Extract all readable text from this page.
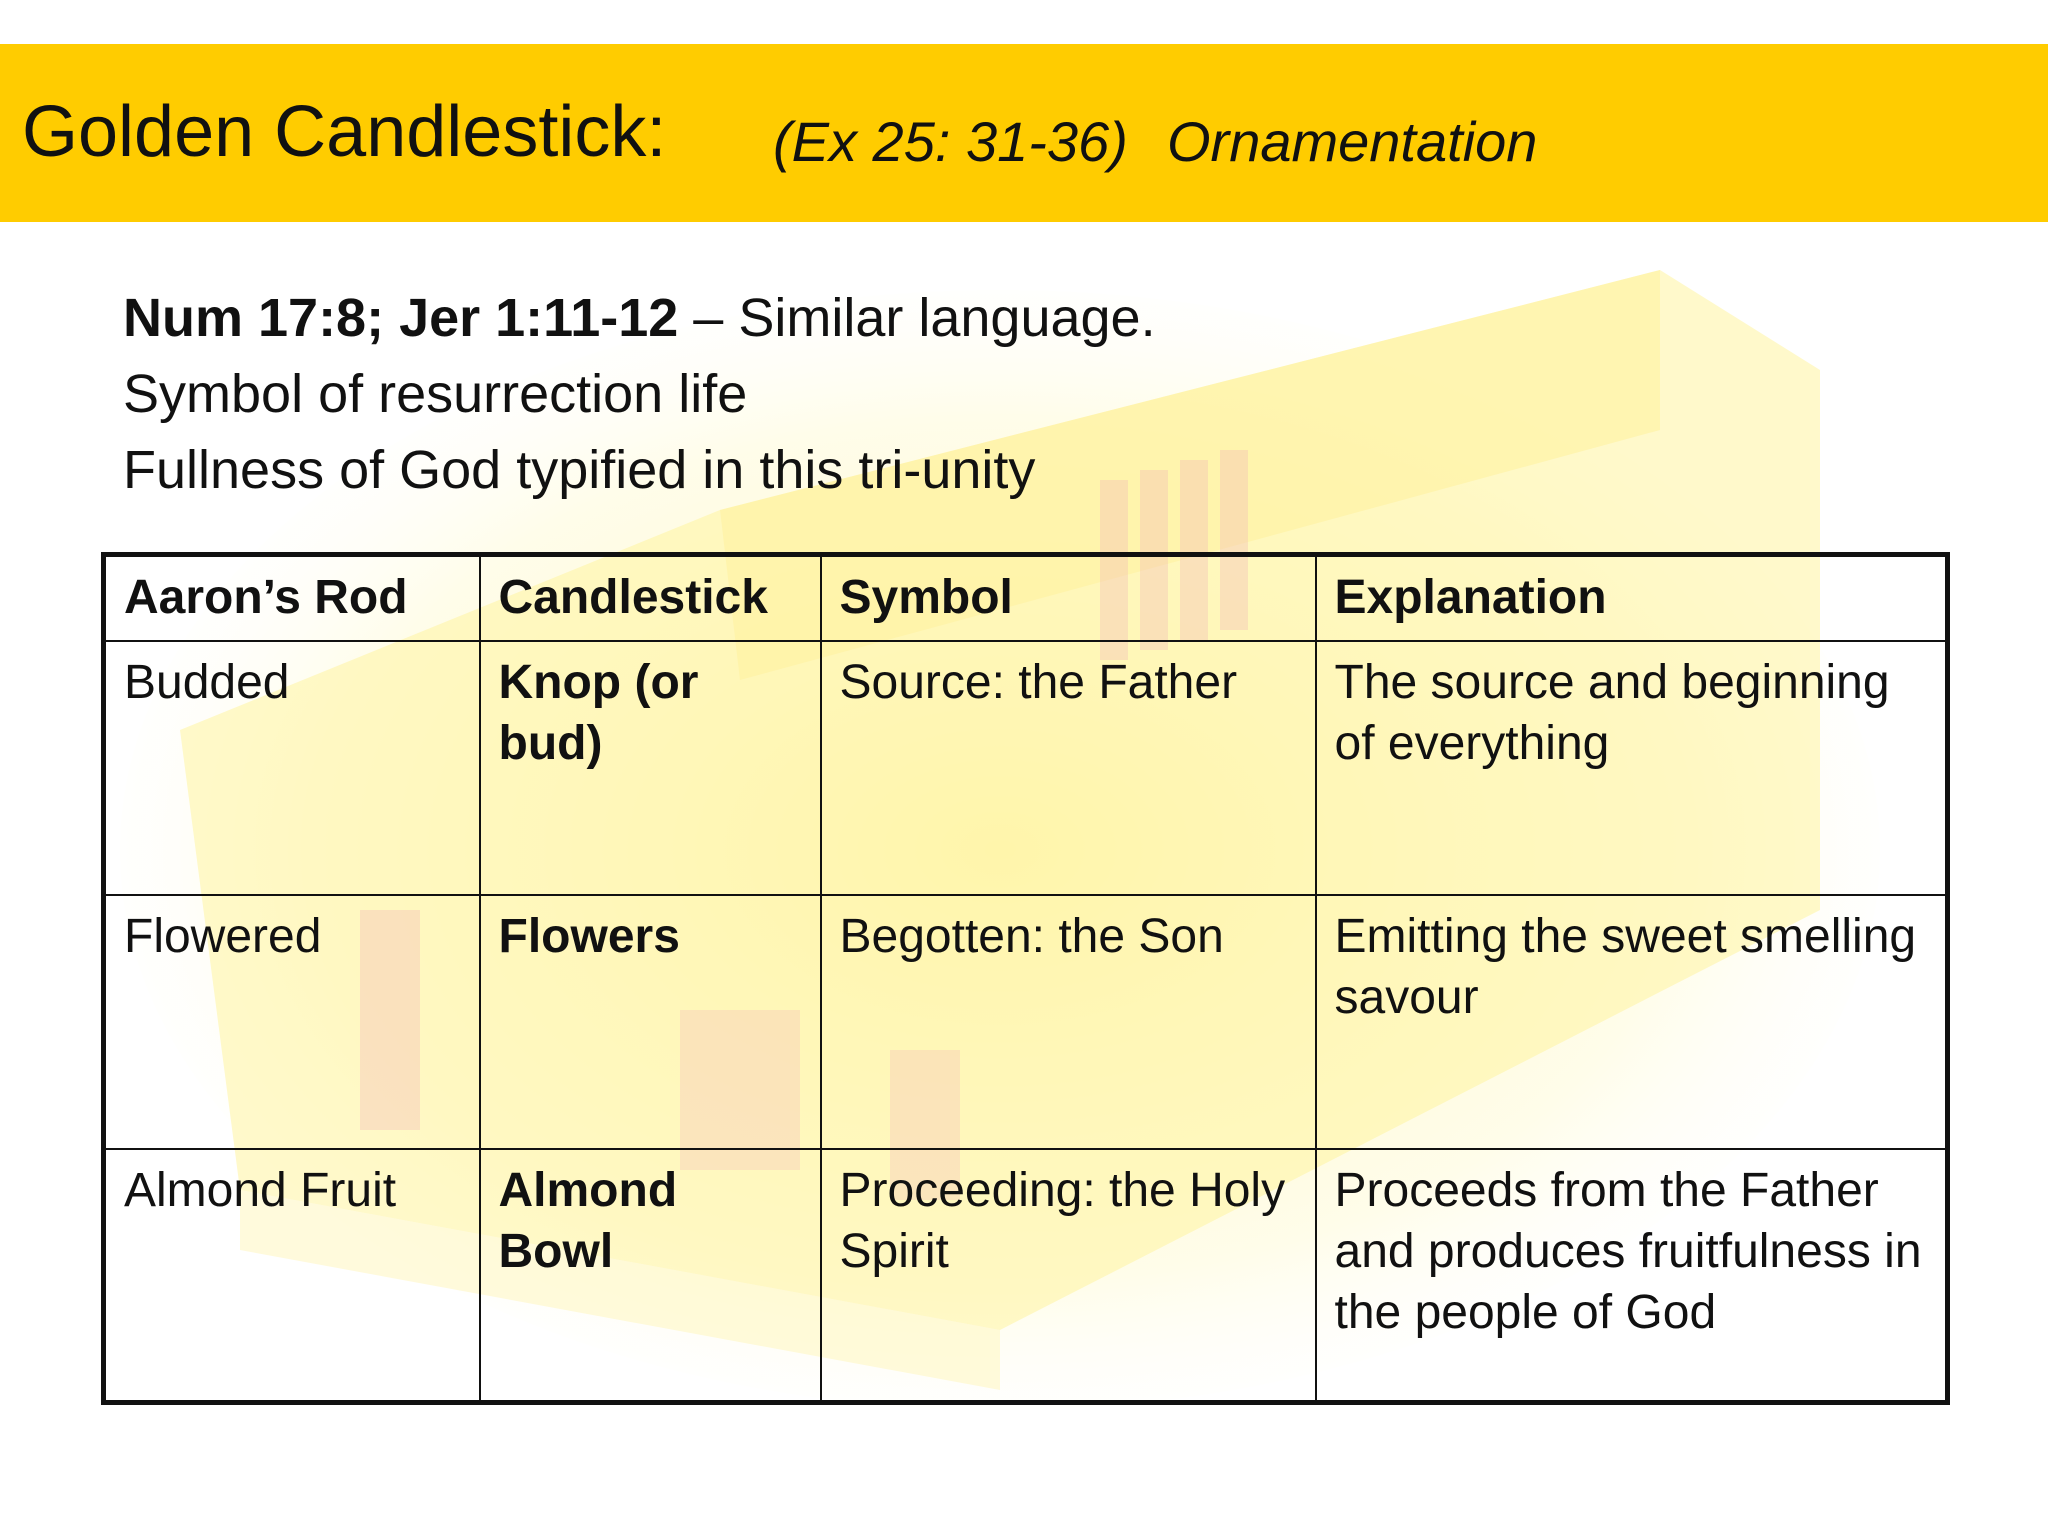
Golden Candlestick: (Ex 25: 31-36) Ornamentation
Num 17:8; Jer 1:11-12 – Similar language.
Symbol of resurrection life
Fullness of God typified in this tri-unity
Aaron’s Rod	Candlestick	Symbol	Explanation
Budded	Knop (or bud)	Source: the Father	The source and beginning of everything
Flowered	Flowers	Begotten: the Son	Emitting the sweet smelling savour
Almond Fruit	Almond Bowl	Proceeding: the Holy Spirit	Proceeds from the Father and produces fruitfulness in the people of God
